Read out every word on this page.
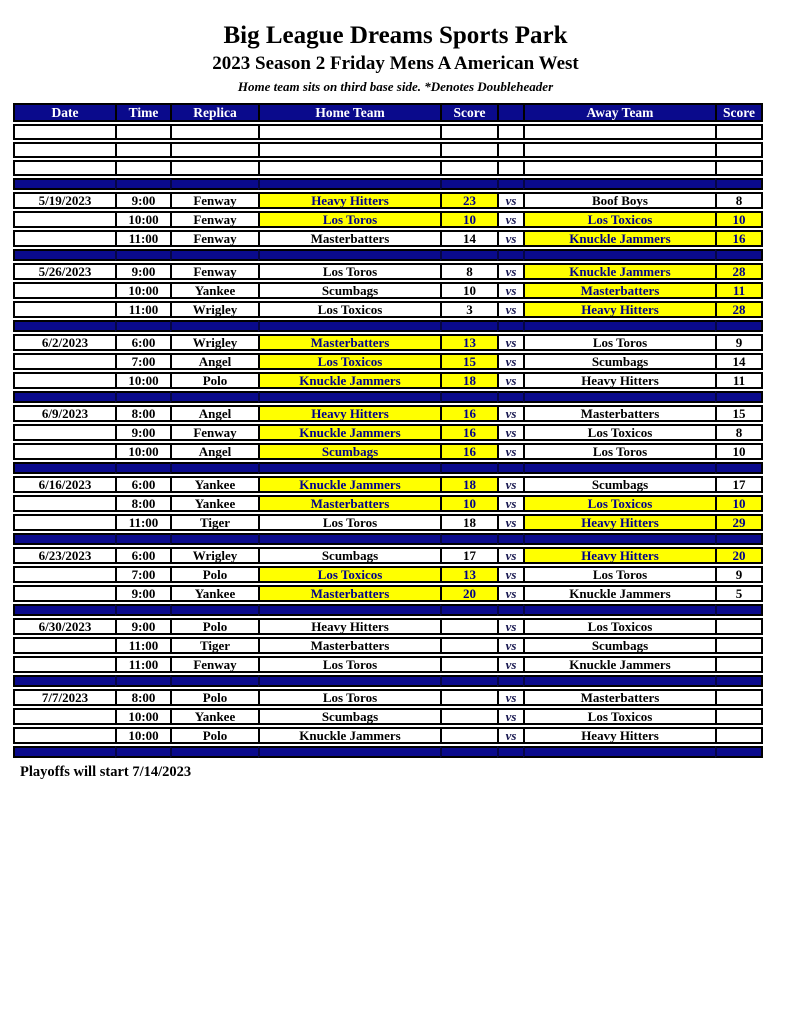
Big League Dreams Sports Park
2023 Season 2 Friday Mens A American West
Home team sits on third base side. *Denotes Doubleheader
Date	Time	Replica	Home Team	Score		Away Team	Score

5/19/2023	9:00	Fenway	Heavy Hitters	23	vs	Boof Boys	8
	10:00	Fenway	Los Toros	10	vs	Los Toxicos	10
	11:00	Fenway	Masterbatters	14	vs	Knuckle Jammers	16

5/26/2023	9:00	Fenway	Los Toros	8	vs	Knuckle Jammers	28
	10:00	Yankee	Scumbags	10	vs	Masterbatters	11
	11:00	Wrigley	Los Toxicos	3	vs	Heavy Hitters	28

6/2/2023	6:00	Wrigley	Masterbatters	13	vs	Los Toros	9
	7:00	Angel	Los Toxicos	15	vs	Scumbags	14
	10:00	Polo	Knuckle Jammers	18	vs	Heavy Hitters	11

6/9/2023	8:00	Angel	Heavy Hitters	16	vs	Masterbatters	15
	9:00	Fenway	Knuckle Jammers	16	vs	Los Toxicos	8
	10:00	Angel	Scumbags	16	vs	Los Toros	10

6/16/2023	6:00	Yankee	Knuckle Jammers	18	vs	Scumbags	17
	8:00	Yankee	Masterbatters	10	vs	Los Toxicos	10
	11:00	Tiger	Los Toros	18	vs	Heavy Hitters	29

6/23/2023	6:00	Wrigley	Scumbags	17	vs	Heavy Hitters	20
	7:00	Polo	Los Toxicos	13	vs	Los Toros	9
	9:00	Yankee	Masterbatters	20	vs	Knuckle Jammers	5

6/30/2023	9:00	Polo	Heavy Hitters		vs	Los Toxicos	
	11:00	Tiger	Masterbatters		vs	Scumbags	
	11:00	Fenway	Los Toros		vs	Knuckle Jammers	

7/7/2023	8:00	Polo	Los Toros		vs	Masterbatters	
	10:00	Yankee	Scumbags		vs	Los Toxicos	
	10:00	Polo	Knuckle Jammers		vs	Heavy Hitters	

Playoffs will start 7/14/2023
